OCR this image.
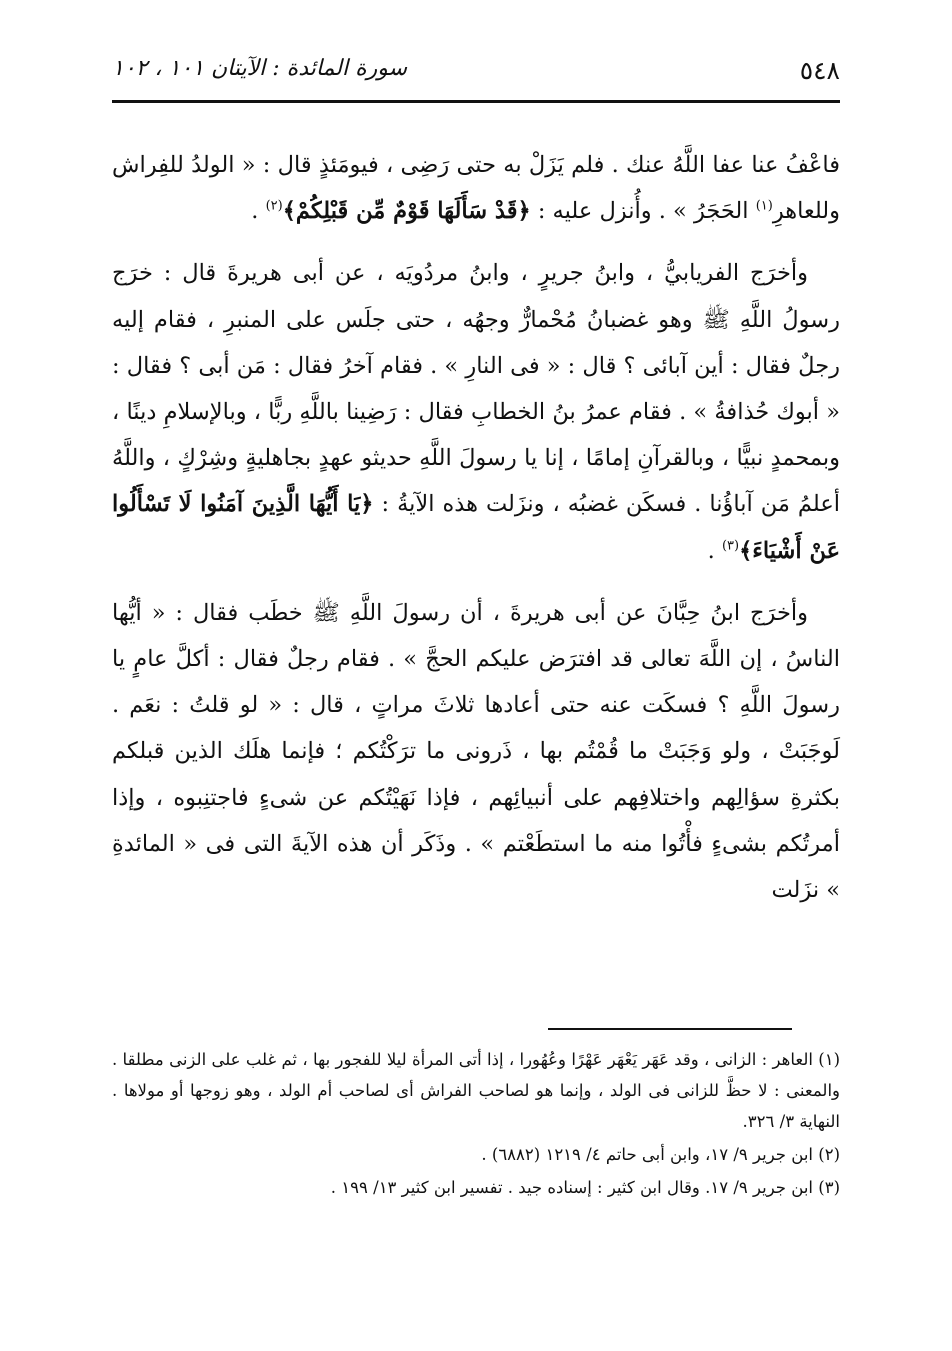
٥٤٨
سورة المائدة : الآيتان ١٠١ ، ١٠٢

فاعْفُ عنا عفا اللَّهُ عنك . فلم يَزَلْ به حتى رَضِى ، فيومَئذٍ قال : « الولدُ للفِراش وللعاهرِ$^{(١)}$ الحَجَرُ » . وأُنزل عليه : ﴿قَدْ سَأَلَهَا قَوْمٌ مِّن قَبْلِكُمْ﴾$^{(٢)}$ .

وأخرَج الفريابيُّ ، وابنُ جريرٍ ، وابنُ مردُويَه ، عن أبى هريرةَ قال : خرَج رسولُ اللَّهِ ﷺ وهو غضبانُ مُحْمارٌّ وجهُه ، حتى جلَس على المنبرِ ، فقام إليه رجلٌ فقال : أين آبائى ؟ قال : « فى النارِ » . فقام آخرُ فقال : مَن أبى ؟ فقال : « أبوك حُذافةُ » . فقام عمرُ بنُ الخطابِ فقال : رَضِينا باللَّهِ ربًّا ، وبالإسلامِ دينًا ، وبمحمدٍ نبيًّا ، وبالقرآنِ إمامًا ، إنا يا رسولَ اللَّهِ حديثو عهدٍ بجاهليةٍ وشِرْكٍ ، واللَّهُ أعلمُ مَن آباؤُنا . فسكَن غضبُه ، ونزَلت هذه الآيةُ : ﴿يَا أَيُّهَا الَّذِينَ آمَنُوا لَا تَسْأَلُوا عَنْ أَشْيَاءَ﴾$^{(٣)}$ .

وأخرَج ابنُ حِبَّانَ عن أبى هريرةَ ، أن رسولَ اللَّهِ ﷺ خطَب فقال : « أيُّها الناسُ ، إن اللَّهَ تعالى قد افترَض عليكم الحجَّ » . فقام رجلٌ فقال : أكلَّ عامٍ يا رسولَ اللَّهِ ؟ فسكَت عنه حتى أعادها ثلاثَ مراتٍ ، قال : « لو قلتُ : نعَم . لَوجَبَتْ ، ولو وَجَبَتْ ما قُمْتُم بها ، ذَرونى ما ترَكْتُكم ؛ فإنما هلَك الذين قبلكم بكثرةِ سؤالِهم واختلافِهم على أنبيائِهم ، فإذا نَهَيْتُكم عن شىءٍ فاجتنِبوه ، وإذا أمرتُكم بشىءٍ فأْتُوا منه ما استطَعْتم » . وذَكَر أن هذه الآيةَ التى فى « المائدةِ » نزَلت

(١) العاهر : الزانى ، وقد عَهَر يَعْهَر عَهْرًا وعُهُورا ، إذا أتى المرأة ليلا للفجور بها ، ثم غلب على الزنى مطلقا . والمعنى : لا حظَّ للزانى فى الولد ، وإنما هو لصاحب الفراش أى لصاحب أم الولد ، وهو زوجها أو مولاها . النهاية ٣/ ٣٢٦.

(٢) ابن جرير ٩/ ١٧، وابن أبى حاتم ٤/ ١٢١٩ (٦٨٨٢) .

(٣) ابن جرير ٩/ ١٧. وقال ابن كثير : إسناده جيد . تفسير ابن كثير ١٣/ ١٩٩ .
